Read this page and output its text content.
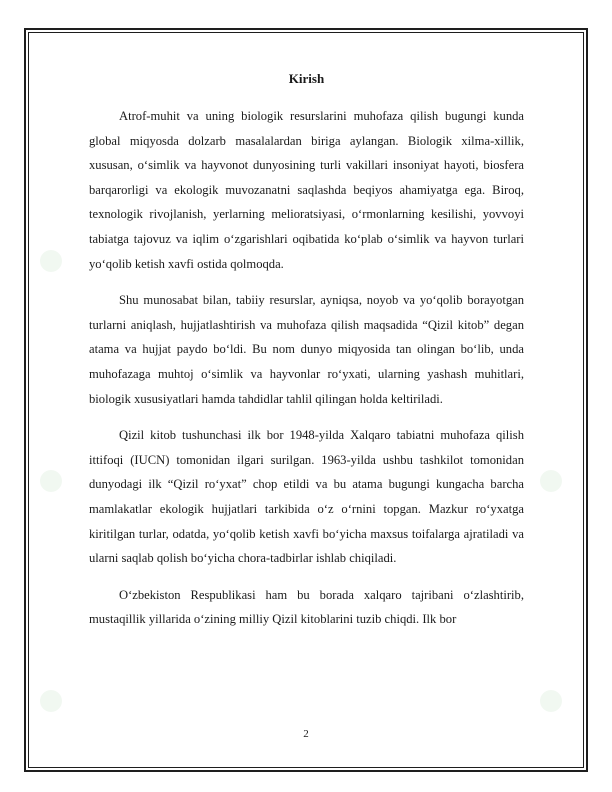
Kirish

Atrof-muhit va uning biologik resurslarini muhofaza qilish bugungi kunda global miqyosda dolzarb masalalardan biriga aylangan. Biologik xilma-xillik, xususan, o‘simlik va hayvonot dunyosining turli vakillari insoniyat hayoti, biosfera barqarorligi va ekologik muvozanatni saqlashda beqiyos ahamiyatga ega. Biroq, texnologik rivojlanish, yerlarning melioratsiyasi, o‘rmonlarning kesilishi, yovvoyi tabiatga tajovuz va iqlim o‘zgarishlari oqibatida ko‘plab o‘simlik va hayvon turlari yo‘qolib ketish xavfi ostida qolmoqda.

Shu munosabat bilan, tabiiy resurslar, ayniqsa, noyob va yo‘qolib borayotgan turlarni aniqlash, hujjatlashtirish va muhofaza qilish maqsadida “Qizil kitob” degan atama va hujjat paydo bo‘ldi. Bu nom dunyo miqyosida tan olingan bo‘lib, unda muhofazaga muhtoj o‘simlik va hayvonlar ro‘yxati, ularning yashash muhitlari, biologik xususiyatlari hamda tahdidlar tahlil qilingan holda keltiriladi.

Qizil kitob tushunchasi ilk bor 1948-yilda Xalqaro tabiatni muhofaza qilish ittifoqi (IUCN) tomonidan ilgari surilgan. 1963-yilda ushbu tashkilot tomonidan dunyodagi ilk “Qizil ro‘yxat” chop etildi va bu atama bugungi kungacha barcha mamlakatlar ekologik hujjatlari tarkibida o‘z o‘rnini topgan. Mazkur ro‘yxatga kiritilgan turlar, odatda, yo‘qolib ketish xavfi bo‘yicha maxsus toifalarga ajratiladi va ularni saqlab qolish bo‘yicha chora-tadbirlar ishlab chiqiladi.

O‘zbekiston Respublikasi ham bu borada xalqaro tajribani o‘zlashtirib, mustaqillik yillarida o‘zining milliy Qizil kitoblarini tuzib chiqdi. Ilk bor

2
